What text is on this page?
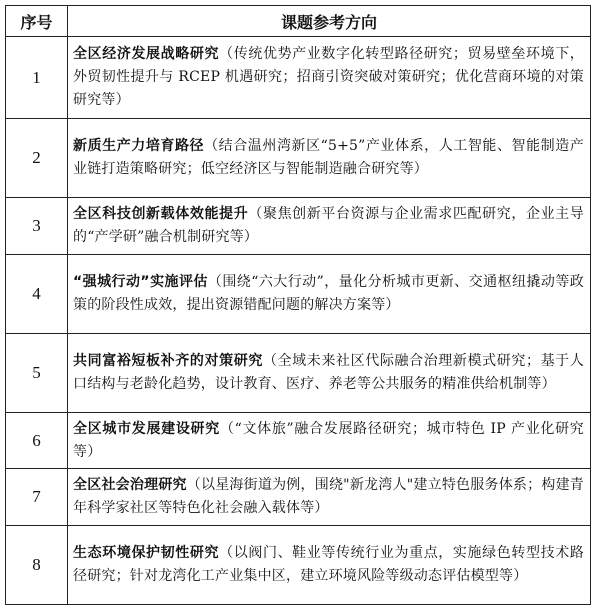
序号	课题参考方向
1	全区经济发展战略研究（传统优势产业数字化转型路径研究；贸易壁垒环境下，外贸韧性提升与 RCEP 机遇研究；招商引资突破对策研究；优化营商环境的对策研究等）
2	新质生产力培育路径（结合温州湾新区“5+5”产业体系，人工智能、智能制造产业链打造策略研究；低空经济区与智能制造融合研究等）
3	全区科技创新载体效能提升（聚焦创新平台资源与企业需求匹配研究，企业主导的“产学研”融合机制研究等）
4	“强城行动”实施评估（围绕“六大行动”，量化分析城市更新、交通枢纽撬动等政策的阶段性成效，提出资源错配问题的解决方案等）
5	共同富裕短板补齐的对策研究（全域未来社区代际融合治理新模式研究；基于人口结构与老龄化趋势，设计教育、医疗、养老等公共服务的精准供给机制等）
6	全区城市发展建设研究（“文体旅”融合发展路径研究；城市特色 IP 产业化研究等）
7	全区社会治理研究（以星海街道为例，围绕"新龙湾人"建立特色服务体系；构建青年科学家社区等特色化社会融入载体等）
8	生态环境保护韧性研究（以阀门、鞋业等传统行业为重点，实施绿色转型技术路径研究；针对龙湾化工产业集中区，建立环境风险等级动态评估模型等）
